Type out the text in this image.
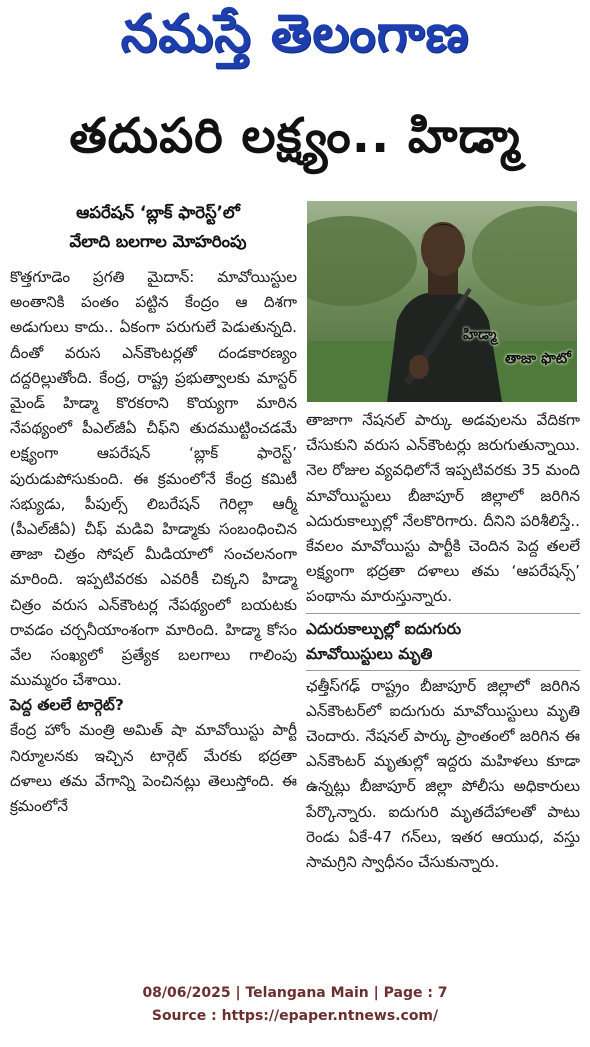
నమస్తే తెలంగాణ
తదుపరి లక్ష్యం.. హిడ్మా
ఆపరేషన్ ‘బ్లాక్ ఫారెస్ట్’లో
వేలాది బలగాల మోహరింపు
హిడ్మా
తాజా ఫొటో

కొత్తగూడెం ప్రగతి మైదాన్: మావోయిస్టుల అంతానికి పంతం పట్టిన కేంద్రం ఆ దిశగా అడుగులు కాదు.. ఏకంగా పరుగులే పెడుతున్నది. దీంతో వరుస ఎన్‌కౌంటర్లతో దండకారణ్యం దద్దరిల్లుతోంది. కేంద్ర, రాష్ట్ర ప్రభుత్వాలకు మాస్టర్ మైండ్ హిడ్మా కొరకరాని కొయ్యగా మారిన నేపథ్యంలో పీఎల్‌జీఏ చీఫ్‌ని తుదముట్టించడమే లక్ష్యంగా ఆపరేషన్ ‘బ్లాక్ ఫారెస్ట్’ పురుడుపోసుకుంది. ఈ క్రమంలోనే కేంద్ర కమిటీ సభ్యుడు, పీపుల్స్ లిబరేషన్ గెరిల్లా ఆర్మీ (పీఎల్‌జీఏ) చీఫ్ మడివి హిడ్మాకు సంబంధించిన తాజా చిత్రం సోషల్ మీడియాలో సంచలనంగా మారింది. ఇప్పటివరకు ఎవరికీ చిక్కని హిడ్మా చిత్రం వరుస ఎన్‌కౌంటర్ల నేపథ్యంలో బయటకు రావడం చర్చనీయాంశంగా మారింది. హిడ్మా కోసం వేల సంఖ్యలో ప్రత్యేక బలగాలు గాలింపు ముమ్మరం చేశాయి.

పెద్ద తలలే టార్గెట్?

కేంద్ర హోం మంత్రి అమిత్ షా మావోయిస్టు పార్టీ నిర్మూలనకు ఇచ్చిన టార్గెట్ మేరకు భద్రతా దళాలు తమ వేగాన్ని పెంచినట్లు తెలుస్తోంది. ఈ క్రమంలోనే

తాజాగా నేషనల్ పార్కు అడవులను వేదికగా చేసుకుని వరుస ఎన్‌కౌంటర్లు జరుగుతున్నాయి. నెల రోజుల వ్యవధిలోనే ఇప్పటివరకు 35 మంది మావోయిస్టులు బీజాపూర్ జిల్లాలో జరిగిన ఎదురుకాల్పుల్లో నేలకొరిగారు. దీనిని పరిశీలిస్తే.. కేవలం మావోయిస్టు పార్టీకి చెందిన పెద్ద తలలే లక్ష్యంగా భద్రతా దళాలు తమ ‘ఆపరేషన్స్’ పంథాను మారుస్తున్నారు.

ఎదురుకాల్పుల్లో ఐదుగురు
మావోయిస్టులు మృతి

ఛత్తీస్‌గఢ్ రాష్ట్రం బీజాపూర్ జిల్లాలో జరిగిన ఎన్‌కౌంటర్‌లో ఐదుగురు మావోయిస్టులు మృతి చెందారు. నేషనల్ పార్కు ప్రాంతంలో జరిగిన ఈ ఎన్‌కౌంటర్ మృతుల్లో ఇద్దరు మహిళలు కూడా ఉన్నట్లు బీజాపూర్ జిల్లా పోలీసు అధికారులు పేర్కొన్నారు. ఐదుగురి మృతదేహాలతో పాటు రెండు ఏకే-47 గన్‌లు, ఇతర ఆయుధ, వస్తు సామగ్రిని స్వాధీనం చేసుకున్నారు.

08/06/2025 | Telangana Main | Page : 7
Source : https://epaper.ntnews.com/
